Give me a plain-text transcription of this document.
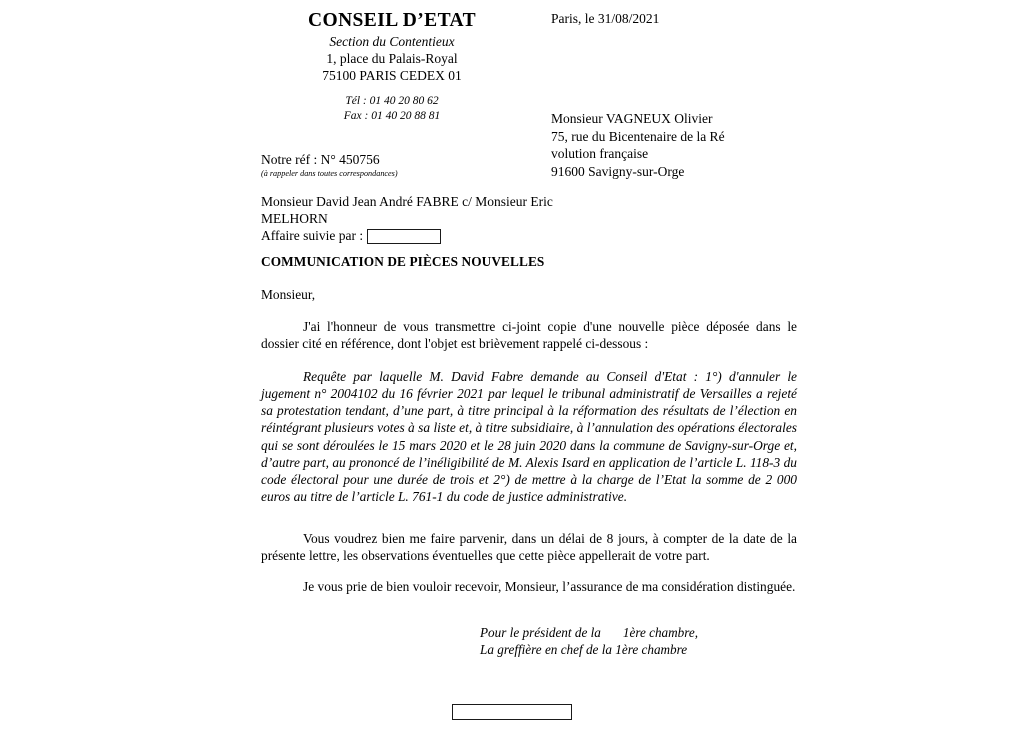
CONSEIL D’ETAT
Section du Contentieux
1, place du Palais-Royal
75100 PARIS CEDEX 01
Tél : 01 40 20 80 62
Fax : 01 40 20 88 81
Paris, le 31/08/2021
Monsieur VAGNEUX Olivier
75, rue du Bicentenaire de la Ré
volution française
91600 Savigny-sur-Orge
Notre réf : N° 450756
(à rappeler dans toutes correspondances)
Monsieur David Jean André FABRE c/ Monsieur Eric
MELHORN
Affaire suivie par :
COMMUNICATION DE PIÈCES NOUVELLES
Monsieur,
J'ai l'honneur de vous transmettre ci-joint copie d'une nouvelle pièce déposée dans le dossier cité en référence, dont l'objet est brièvement rappelé ci-dessous :
Requête par laquelle M. David Fabre demande au Conseil d'Etat : 1°) d'annuler le jugement n° 2004102 du 16 février 2021 par lequel le tribunal administratif de Versailles a rejeté sa protestation tendant, d’une part, à titre principal à la réformation des résultats de l’élection en réintégrant plusieurs votes à sa liste et, à titre subsidiaire, à l’annulation des opérations électorales qui se sont déroulées le 15 mars 2020 et le 28 juin 2020 dans la commune de Savigny-sur-Orge et, d’autre part, au prononcé de l’inéligibilité de M. Alexis Isard en application de l’article L. 118-3 du code électoral pour une durée de trois et 2°) de mettre à la charge de l’Etat la somme de 2 000 euros au titre de l’article L. 761-1 du code de justice administrative.
Vous voudrez bien me faire parvenir, dans un délai de 8 jours, à compter de la date de la présente lettre, les observations éventuelles que cette pièce appellerait de votre part.
Je vous prie de bien vouloir recevoir, Monsieur, l’assurance de ma considération distinguée.
Pour le président de la 1ère chambre,
La greffière en chef de la 1ère chambre
